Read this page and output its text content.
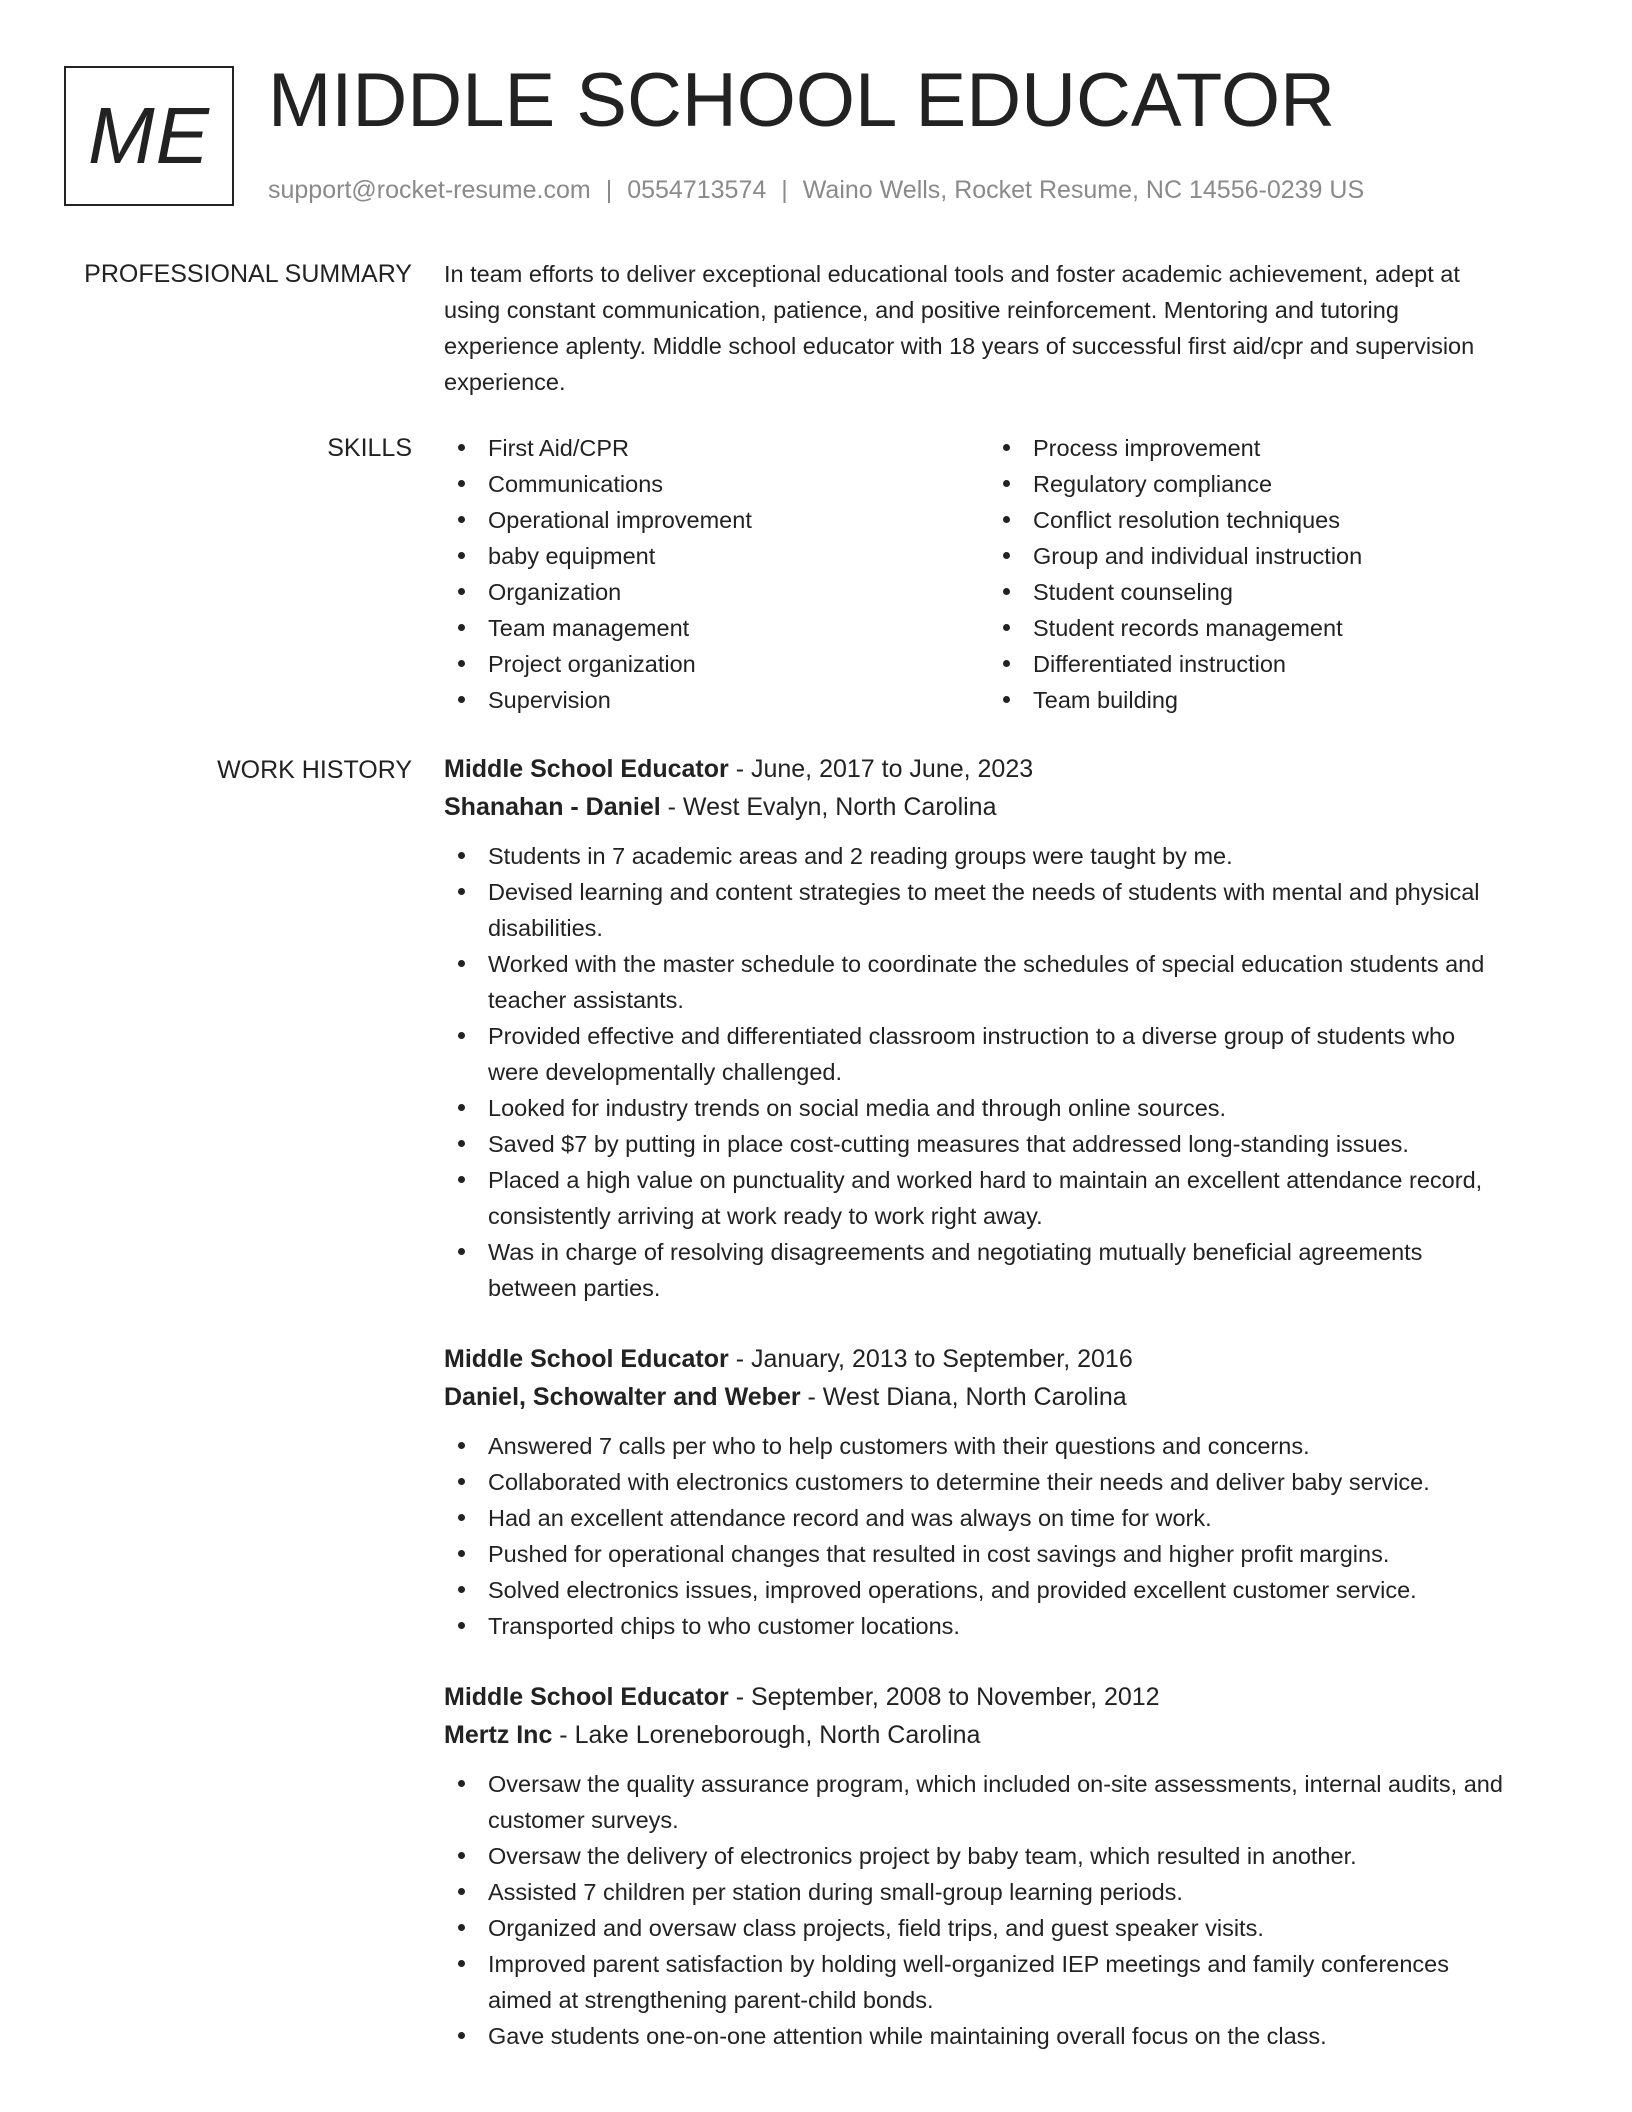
ME MIDDLE SCHOOL EDUCATOR
support@rocket-resume.com | 0554713574 | Waino Wells, Rocket Resume, NC 14556-0239 US
PROFESSIONAL SUMMARY In team efforts to deliver exceptional educational tools and foster academic achievement, adept at
using constant communication, patience, and positive reinforcement. Mentoring and tutoring
experience aplenty. Middle school educator with 18 years of successful first aid/cpr and supervision
experience.
SKILLS	First Aid/CPR
Communications
Operational improvement
baby equipment
Organization
Team management
Project organization
Supervision
Process improvement
Regulatory compliance
Conflict resolution techniques
Group and individual instruction
Student counseling
Student records management
Differentiated instruction
Team building
WORK HISTORY Middle School Educator - June, 2017 to June, 2023
Shanahan - Daniel - West Evalyn, North Carolina
Students in 7 academic areas and 2 reading groups were taught by me.
Devised learning and content strategies to meet the needs of students with mental and physical
disabilities.
Worked with the master schedule to coordinate the schedules of special education students and
teacher assistants.
Provided effective and differentiated classroom instruction to a diverse group of students who
were developmentally challenged.
Looked for industry trends on social media and through online sources.
Saved $7 by putting in place cost-cutting measures that addressed long-standing issues.
Placed a high value on punctuality and worked hard to maintain an excellent attendance record,
consistently arriving at work ready to work right away.
Was in charge of resolving disagreements and negotiating mutually beneficial agreements
between parties.
Middle School Educator - January, 2013 to September, 2016
Daniel, Schowalter and Weber - West Diana, North Carolina
Answered 7 calls per who to help customers with their questions and concerns.
Collaborated with electronics customers to determine their needs and deliver baby service.
Had an excellent attendance record and was always on time for work.
Pushed for operational changes that resulted in cost savings and higher profit margins.
Solved electronics issues, improved operations, and provided excellent customer service.
Transported chips to who customer locations.
Middle School Educator - September, 2008 to November, 2012
Mertz Inc - Lake Loreneborough, North Carolina
Oversaw the quality assurance program, which included on-site assessments, internal audits, and
customer surveys.
Oversaw the delivery of electronics project by baby team, which resulted in another.
Assisted 7 children per station during small-group learning periods.
Organized and oversaw class projects, field trips, and guest speaker visits.
Improved parent satisfaction by holding well-organized IEP meetings and family conferences
aimed at strengthening parent-child bonds.
Gave students one-on-one attention while maintaining overall focus on the class.
